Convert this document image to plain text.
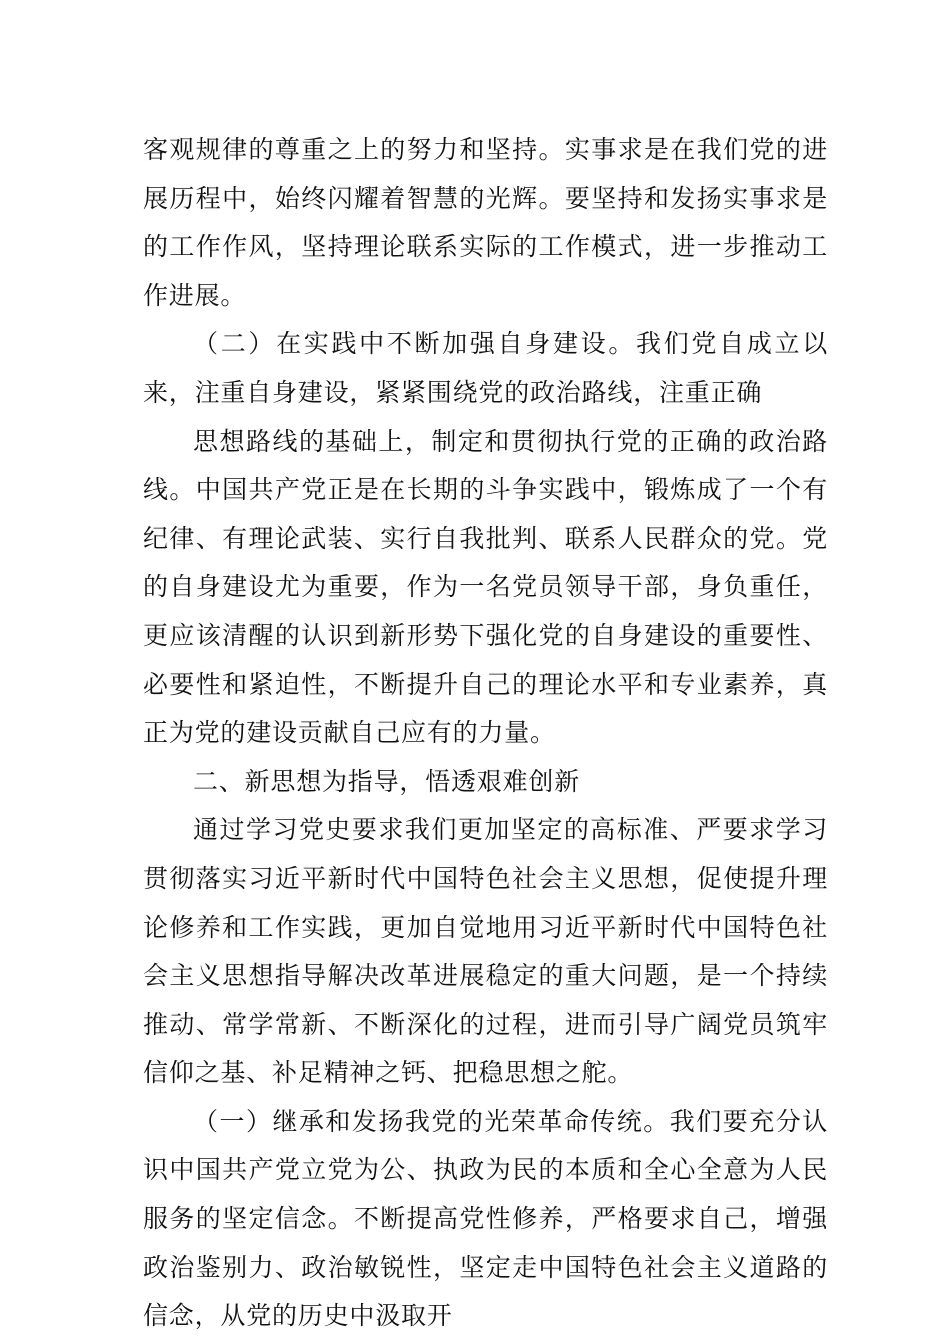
客观规律的尊重之上的努力和坚持。实事求是在我们党的进展历程中，始终闪耀着智慧的光辉。要坚持和发扬实事求是的工作作风，坚持理论联系实际的工作模式，进一步推动工作进展。

（二）在实践中不断加强自身建设。我们党自成立以来，注重自身建设，紧紧围绕党的政治路线，注重正确

思想路线的基础上，制定和贯彻执行党的正确的政治路线。中国共产党正是在长期的斗争实践中，锻炼成了一个有纪律、有理论武装、实行自我批判、联系人民群众的党。党的自身建设尤为重要，作为一名党员领导干部，身负重任，更应该清醒的认识到新形势下强化党的自身建设的重要性、必要性和紧迫性，不断提升自己的理论水平和专业素养，真正为党的建设贡献自己应有的力量。

二、新思想为指导，悟透艰难创新

通过学习党史要求我们更加坚定的高标准、严要求学习贯彻落实习近平新时代中国特色社会主义思想，促使提升理论修养和工作实践，更加自觉地用习近平新时代中国特色社会主义思想指导解决改革进展稳定的重大问题，是一个持续推动、常学常新、不断深化的过程，进而引导广阔党员筑牢信仰之基、补足精神之钙、把稳思想之舵。

（一）继承和发扬我党的光荣革命传统。我们要充分认识中国共产党立党为公、执政为民的本质和全心全意为人民服务的坚定信念。不断提高党性修养，严格要求自己，增强政治鉴别力、政治敏锐性，坚定走中国特色社会主义道路的信念，从党的历史中汲取开
